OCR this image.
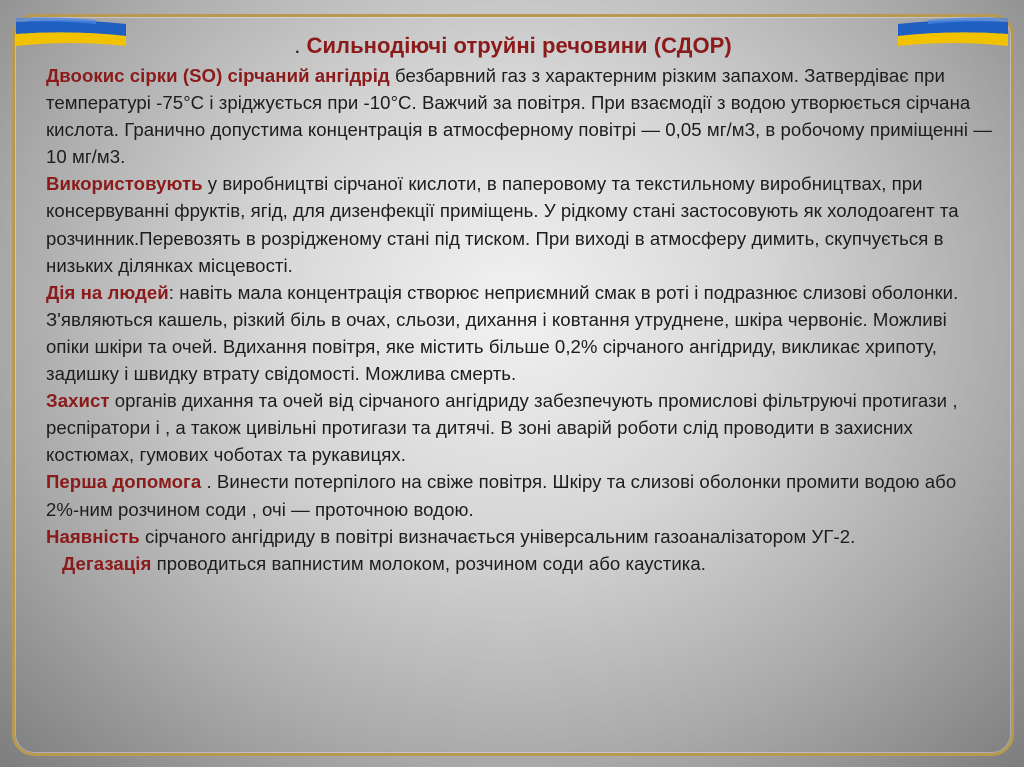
. Сильнодіючі отруйні речовини (СДОР)

Двоокис сірки (SO) сірчаний ангідрід безбарвний газ з характерним різким запахом. Затвердіває при температурі -75°С і зріджується при -10°С. Важчий за повітря. При взаємодії з водою утворюється сірчана кислота. Гранично допустима концентрація в атмосферному повітрі — 0,05 мг/м3, в робочому приміщенні — 10 мг/м3.

Використовують у виробництві сірчаної кислоти, в паперовому та текстильному виробництвах, при консервуванні фруктів, ягід, для дизенфекції приміщень. У рідкому стані застосовують як холодоагент та розчинник.Перевозять в розрідженому стані під тиском. При виході в атмосферу димить, скупчується в низьких ділянках місцевості.

Дія на людей: навіть мала концентрація створює неприємний смак в роті і подразнює слизові оболонки. З'являються кашель, різкий біль в очах, сльози, дихання і ковтання утруднене, шкіра червоніє. Можливі опіки шкіри та очей. Вдихання повітря, яке містить більше 0,2% сірчаного ангідриду, викликає хрипоту, задишку і швидку втрату свідомості. Можлива смерть.

Захист органів дихання та очей від сірчаного ангідриду забезпечують промислові фільтруючі протигази , респіратори і , а також цивільні протигази та дитячі. В зоні аварій роботи слід проводити в захисних костюмах, гумових чоботах та рукавицях.

Перша допомога . Винести потерпілого на свіже повітря. Шкіру та слизові оболонки промити водою або 2%-ним розчином соди , очі — проточною водою.

Наявність сірчаного ангідриду в повітрі визначається універсальним газоаналізатором УГ-2.

Дегазація проводиться вапнистим молоком, розчином соди або каустика.
